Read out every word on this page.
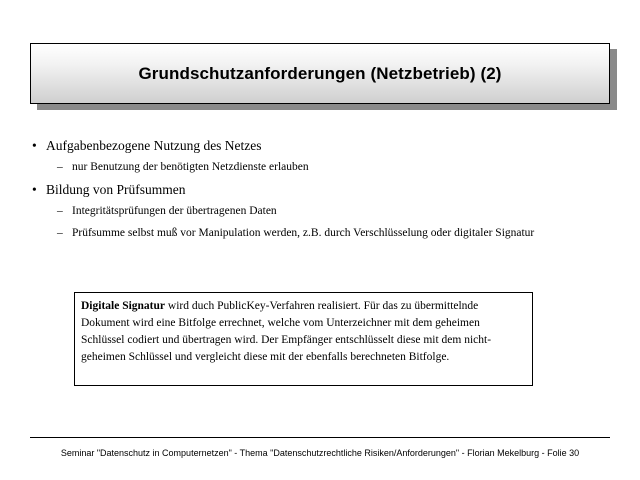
Grundschutzanforderungen (Netzbetrieb) (2)
• Aufgabenbezogene Nutzung des Netzes
– nur Benutzung der benötigten Netzdienste erlauben
• Bildung von Prüfsummen
– Integritätsprüfungen der übertragenen Daten
– Prüfsumme selbst muß vor Manipulation werden, z.B. durch Verschlüsselung oder digitaler Signatur
Digitale Signatur wird duch PublicKey-Verfahren realisiert. Für das zu übermittelnde Dokument wird eine Bitfolge errechnet, welche vom Unterzeichner mit dem geheimen Schlüssel codiert und übertragen wird. Der Empfänger entschlüsselt diese mit dem nicht-geheimen Schlüssel und vergleicht diese mit der ebenfalls berechneten Bitfolge.
Seminar "Datenschutz in Computernetzen" - Thema "Datenschutzrechtliche Risiken/Anforderungen" - Florian Mekelburg - Folie 30
